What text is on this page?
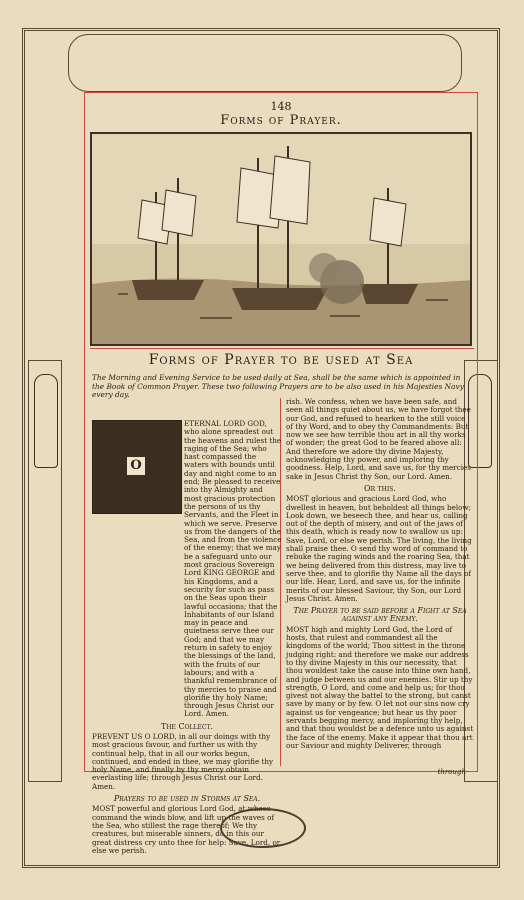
148
Forms of Prayer.
Forms of Prayer to be used at Sea
The Morning and Evening Service to be used daily at Sea, shall be the same which is appointed in the Book of Common Prayer. These two following Prayers are to be also used in his Majesties Navy every day.
O
ETERNAL LORD GOD, who alone spreadest out the heavens and rulest the raging of the Sea; who hast compassed the waters with bounds until day and night come to an end; Be pleased to receive into thy Almighty and most gracious protection the persons of us thy Servants, and the Fleet in which we serve. Preserve us from the dangers of the Sea, and from the violence of the enemy; that we may be a safeguard unto our most gracious Sovereign Lord KING GEORGE and his Kingdoms, and a security for such as pass on the Seas upon their lawful occasions; that the Inhabitants of our Island may in peace and quietness serve thee our God; and that we may return in safety to enjoy the blessings of the land, with the fruits of our labours; and with a thankful remembrance of thy mercies to praise and glorifie thy holy Name; through Jesus Christ our Lord. Amen.
The Collect.
PREVENT US O LORD, in all our doings with thy most gracious favour, and further us with thy continual help, that in all our works begun, continued, and ended in thee, we may glorifie thy holy Name, and finally by thy mercy obtain everlasting life; through Jesus Christ our Lord. Amen.
Prayers to be used in Storms at Sea.
MOST powerful and glorious Lord God, at whose command the winds blow, and lift up the waves of the Sea, who stillest the rage thereof; We thy creatures, but miserable sinners, do in this our great distress cry unto thee for help: Save, Lord, or else we perish.
rish. We confess, when we have been safe, and seen all things quiet about us, we have forgot thee our God, and refused to hearken to the still voice of thy Word, and to obey thy Commandments: But now we see how terrible thou art in all thy works of wonder; the great God to be feared above all: And therefore we adore thy divine Majesty, acknowledging thy power, and imploring thy goodness. Help, Lord, and save us, for thy mercies sake in Jesus Christ thy Son, our Lord. Amen.
Or this.
MOST glorious and gracious Lord God, who dwellest in heaven, but beholdest all things below; Look down, we beseech thee, and hear us, calling out of the depth of misery, and out of the jaws of this death, which is ready now to swallow us up: Save, Lord, or else we perish. The living, the living shall praise thee. O send thy word of command to rebuke the raging winds and the roaring Sea, that we being delivered from this distress, may live to serve thee, and to glorifie thy Name all the days of our life. Hear, Lord, and save us, for the infinite merits of our blessed Saviour, thy Son, our Lord Jesus Christ. Amen.
The Prayer to be said before a Fight at Sea against any Enemy.
MOST high and mighty Lord God, the Lord of hosts, that rulest and commandest all the kingdoms of the world; Thou sittest in the throne judging right: and therefore we make our address to thy divine Majesty in this our necessity, that thou wouldest take the cause into thine own hand, and judge between us and our enemies. Stir up thy strength, O Lord, and come and help us; for thou givest not alway the battel to the strong, but canst save by many or by few. O let not our sins now cry against us for vengeance; but hear us thy poor servants begging mercy, and imploring thy help, and that thou wouldst be a defence unto us against the face of the enemy. Make it appear that thou art our Saviour and mighty Deliverer, through
through
